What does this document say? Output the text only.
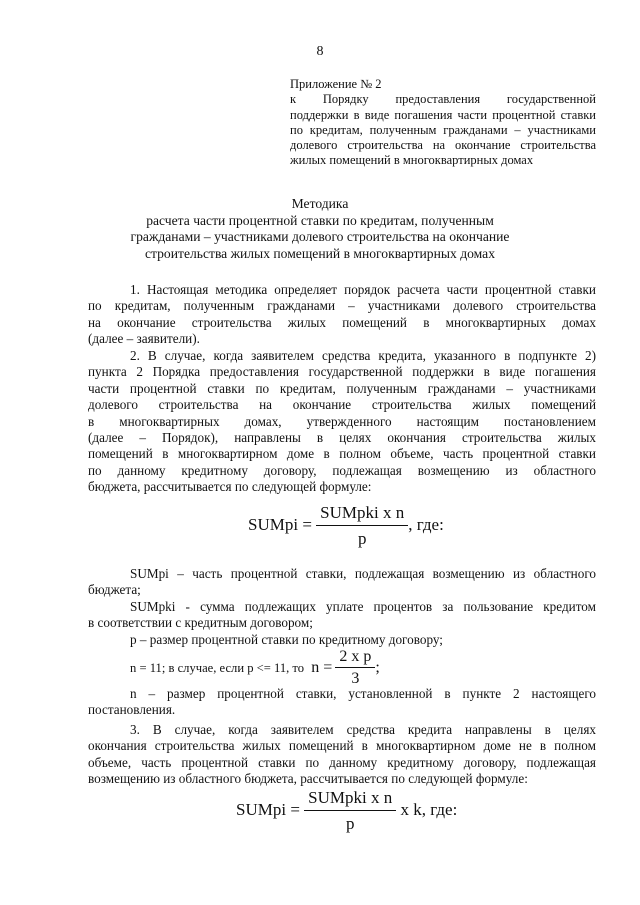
8
Приложение № 2
к Порядку предоставления государственной
поддержки в виде погашения части процентной ставки
по кредитам, полученным гражданами – участниками
долевого строительства на окончание строительства
жилых помещений в многоквартирных домах
Методика
расчета части процентной ставки по кредитам, полученным
гражданами – участниками долевого строительства на окончание
строительства жилых помещений в многоквартирных домах
1. Настоящая методика определяет порядок расчета части процентной ставки
по кредитам, полученным гражданами – участниками долевого строительства
на окончание строительства жилых помещений в многоквартирных домах
(далее – заявители).
2. В случае, когда заявителем средства кредита, указанного в подпункте 2)
пункта 2 Порядка предоставления государственной поддержки в виде погашения
части процентной ставки по кредитам, полученным гражданами – участниками
долевого строительства на окончание строительства жилых помещений
в многоквартирных домах, утвержденного настоящим постановлением
(далее – Порядок), направлены в целях окончания строительства жилых
помещений в многоквартирном доме в полном объеме, часть процентной ставки
по данному кредитному договору, подлежащая возмещению из областного
бюджета, рассчитывается по следующей формуле:
SUMpi = $\frac{\text{SUMpki x n}}{p}$ , где:
SUMpi – часть процентной ставки, подлежащая возмещению из областного
бюджета;
SUMpki - сумма подлежащих уплате процентов за пользование кредитом
в соответствии с кредитным договором;
p – размер процентной ставки по кредитному договору;
n = 11; в случае, если p <= 11, то $n = \frac{\text{2 x p}}{3}$ ;
n – размер процентной ставки, установленной в пункте 2 настоящего
постановления.
3. В случае, когда заявителем средства кредита направлены в целях
окончания строительства жилых помещений в многоквартирном доме не в полном
объеме, часть процентной ставки по данному кредитному договору, подлежащая
возмещению из областного бюджета, рассчитывается по следующей формуле:
SUMpi = $\frac{\text{SUMpki x n}}{p}$ x k, где:
